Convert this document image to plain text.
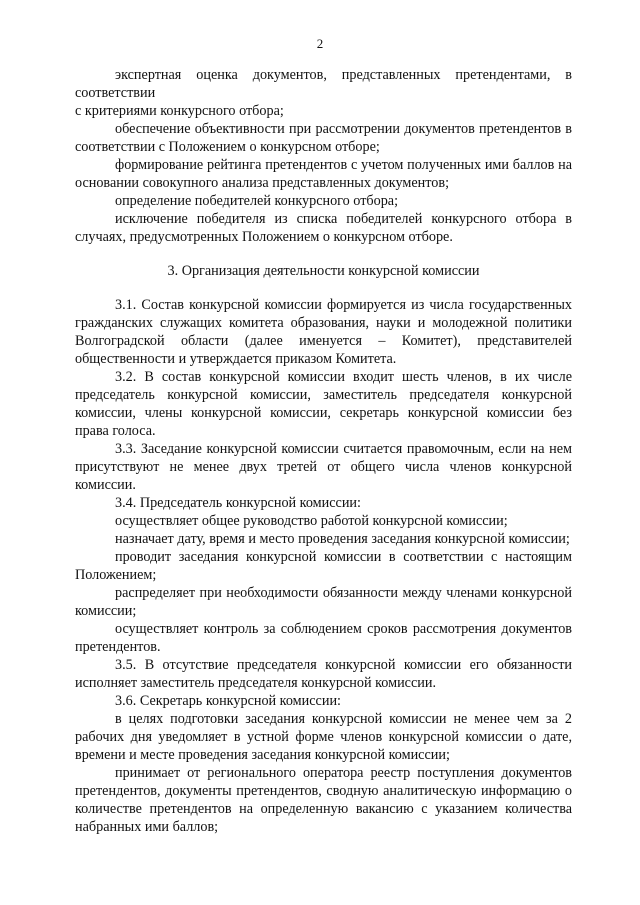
2

экспертная оценка документов, представленных претендентами, в соответствии

с критериями конкурсного отбора;

обеспечение объективности при рассмотрении документов претендентов в соответствии с Положением о конкурсном отборе;

формирование рейтинга претендентов с учетом полученных ими баллов на основании совокупного анализа представленных документов;

определение победителей конкурсного отбора;

исключение победителя из списка победителей конкурсного отбора в случаях, предусмотренных Положением о конкурсном отборе.

3. Организация деятельности конкурсной комиссии

3.1. Состав конкурсной комиссии формируется из числа государственных гражданских служащих комитета образования, науки и молодежной политики Волгоградской области (далее именуется – Комитет), представителей общественности и утверждается приказом Комитета.

3.2. В состав конкурсной комиссии входит шесть членов, в их числе председатель конкурсной комиссии, заместитель председателя конкурсной комиссии, члены конкурсной комиссии, секретарь конкурсной комиссии без права голоса.

3.3. Заседание конкурсной комиссии считается правомочным, если на нем присутствуют не менее двух третей от общего числа членов конкурсной комиссии.

3.4. Председатель конкурсной комиссии:

осуществляет общее руководство работой конкурсной комиссии;

назначает дату, время и место проведения заседания конкурсной комиссии;

проводит заседания конкурсной комиссии в соответствии с настоящим Положением;

распределяет при необходимости обязанности между членами конкурсной комиссии;

осуществляет контроль за соблюдением сроков рассмотрения документов претендентов.

3.5. В отсутствие председателя конкурсной комиссии его обязанности исполняет заместитель председателя конкурсной комиссии.

3.6. Секретарь конкурсной комиссии:

в целях подготовки заседания конкурсной комиссии не менее чем за 2 рабочих дня уведомляет в устной форме членов конкурсной комиссии о дате, времени и месте проведения заседания конкурсной комиссии;

принимает от регионального оператора реестр поступления документов претендентов, документы претендентов, сводную аналитическую информацию о количестве претендентов на определенную вакансию с указанием количества набранных ими баллов;
